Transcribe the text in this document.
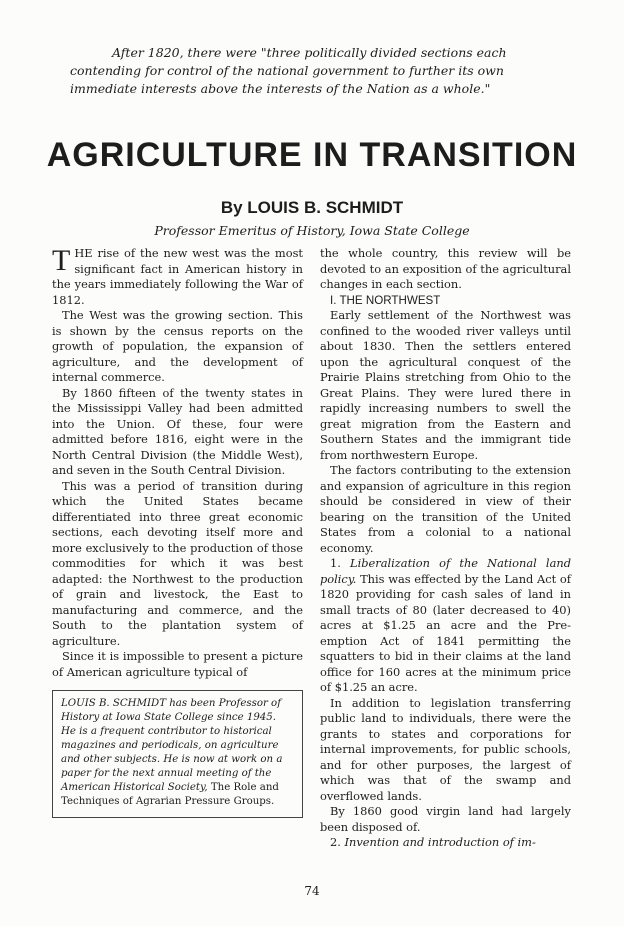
After 1820, there were "three politically divided sections each contending for control of the national government to further its own immediate interests above the interests of the Nation as a whole."
AGRICULTURE IN TRANSITION
By LOUIS B. SCHMIDT
Professor Emeritus of History, Iowa State College

THE rise of the new west was the most significant fact in American history in the years immediately following the War of 1812.

The West was the growing section. This is shown by the census reports on the growth of population, the expansion of agriculture, and the development of internal commerce.

By 1860 fifteen of the twenty states in the Mississippi Valley had been admitted into the Union. Of these, four were admitted before 1816, eight were in the North Central Division (the Middle West), and seven in the South Central Division.

This was a period of transition during which the United States became differentiated into three great economic sections, each devoting itself more and more exclusively to the production of those commodities for which it was best adapted: the Northwest to the production of grain and livestock, the East to manufacturing and commerce, and the South to the plantation system of agriculture.

Since it is impossible to present a picture of American agriculture typical of

LOUIS B. SCHMIDT has been Professor of History at Iowa State College since 1945. He is a frequent contributor to historical magazines and periodicals, on agriculture and other subjects. He is now at work on a paper for the next annual meeting of the American Historical Society, The Role and Techniques of Agrarian Pressure Groups.

the whole country, this review will be devoted to an exposition of the agricultural changes in each section.

I. THE NORTHWEST

Early settlement of the Northwest was confined to the wooded river valleys until about 1830. Then the settlers entered upon the agricultural conquest of the Prairie Plains stretching from Ohio to the Great Plains. They were lured there in rapidly increasing numbers to swell the great migration from the Eastern and Southern States and the immigrant tide from northwestern Europe.

The factors contributing to the extension and expansion of agriculture in this region should be considered in view of their bearing on the transition of the United States from a colonial to a national economy.

1. Liberalization of the National land policy. This was effected by the Land Act of 1820 providing for cash sales of land in small tracts of 80 (later decreased to 40) acres at $1.25 an acre and the Pre-emption Act of 1841 permitting the squatters to bid in their claims at the land office for 160 acres at the minimum price of $1.25 an acre.

In addition to legislation transferring public land to individuals, there were the grants to states and corporations for internal improvements, for public schools, and for other purposes, the largest of which was that of the swamp and overflowed lands.

By 1860 good virgin land had largely been disposed of.

2. Invention and introduction of im-

74
